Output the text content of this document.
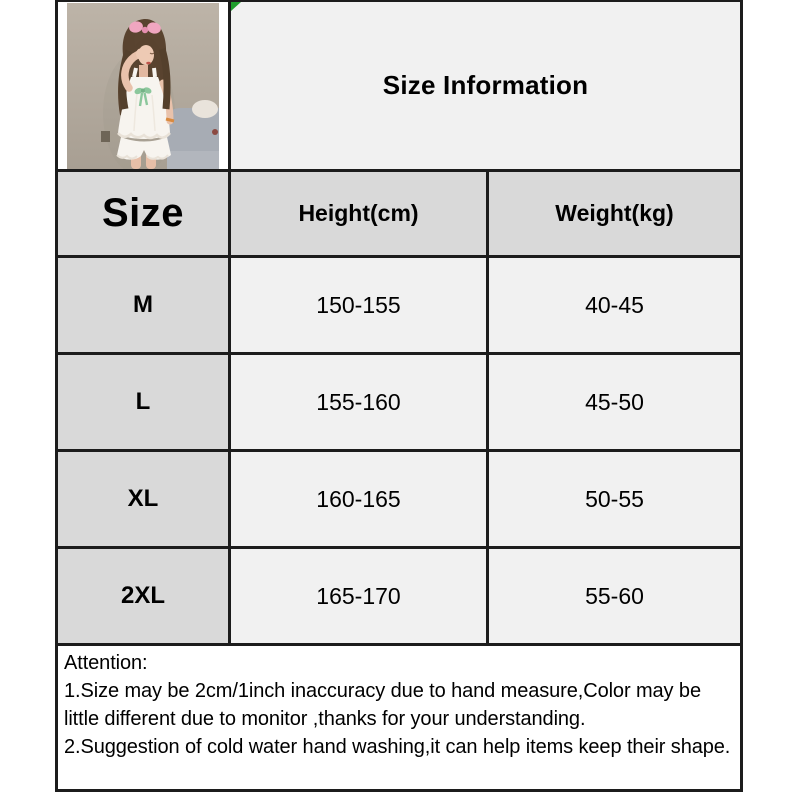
Size Information	
Size	Height(cm)	Weight(kg)
M	150-155	40-45
L	155-160	45-50
XL	160-165	50-55
2XL	165-170	55-60

Attention:
1.Size may be 2cm/1inch inaccuracy due to hand measure,Color may be little different due to monitor ,thanks for your understanding.
2.Suggestion of cold water hand washing,it can help items keep their shape.		
